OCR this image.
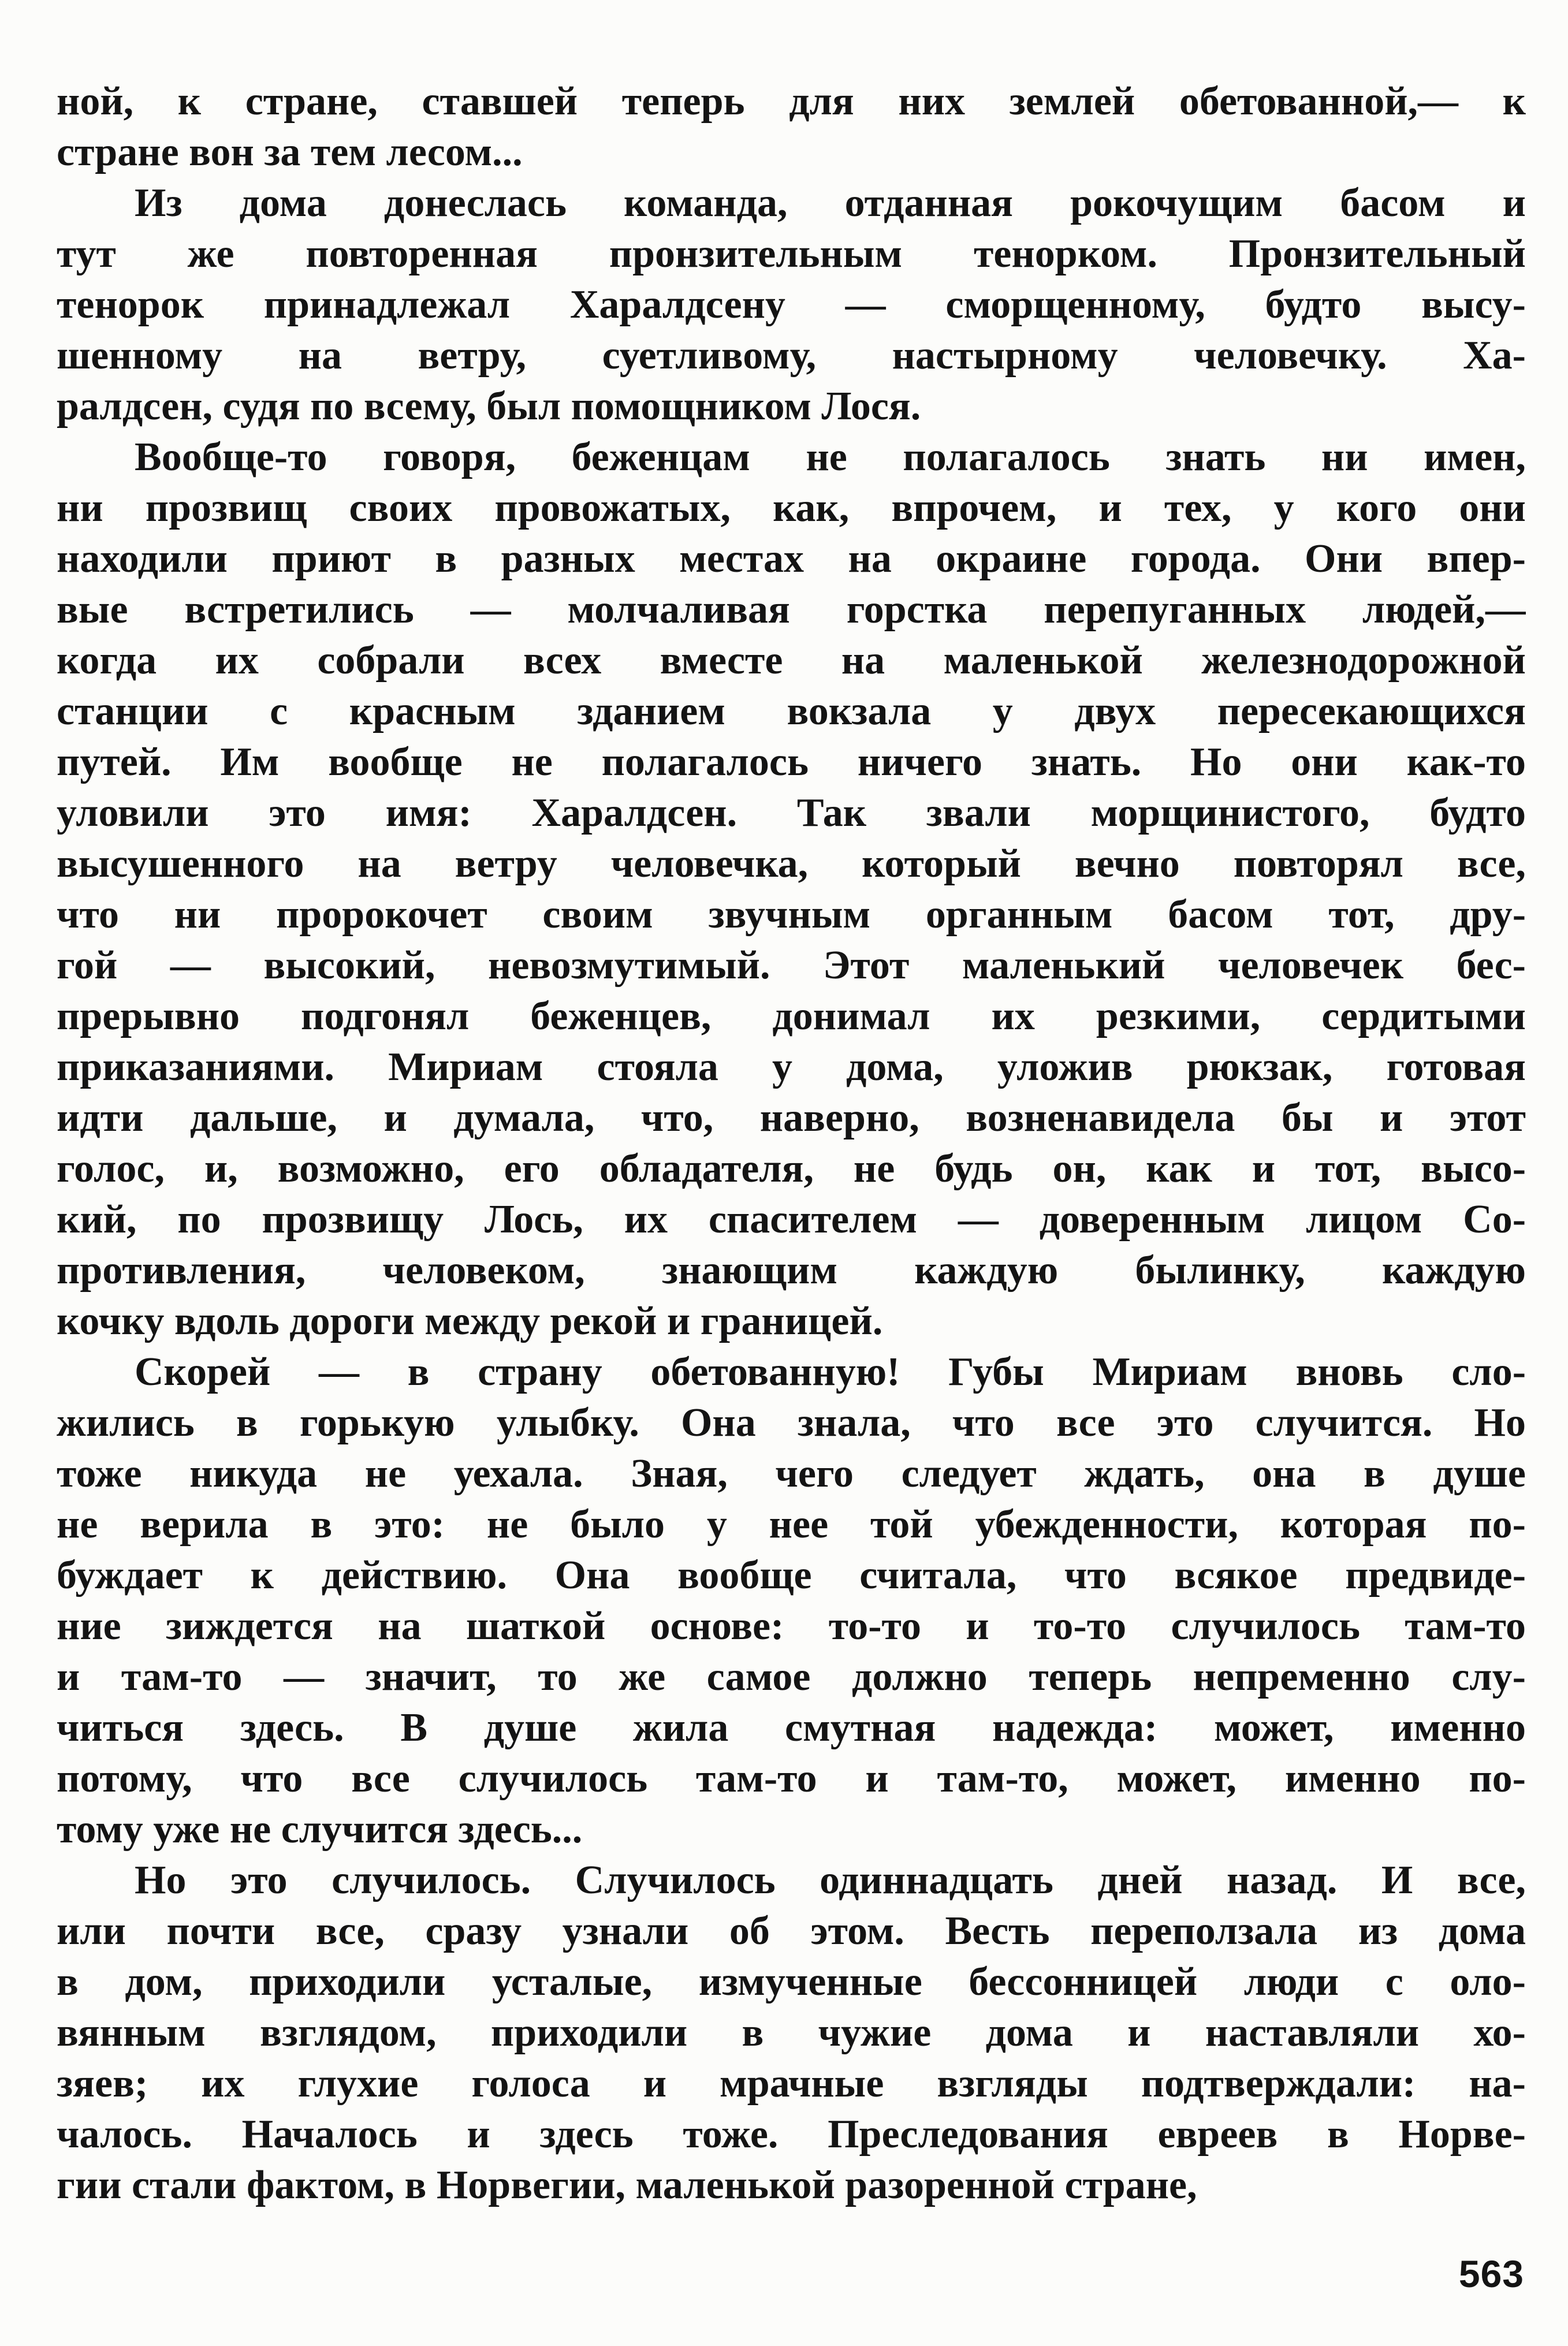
ной, к стране, ставшей теперь для них землей обетованной,— к
стране вон за тем лесом...
Из дома донеслась команда, отданная рокочущим басом и
тут же повторенная пронзительным тенорком. Пронзительный
тенорок принадлежал Харалдсену — сморщенному, будто высу-
шенному на ветру, суетливому, настырному человечку. Ха-
ралдсен, судя по всему, был помощником Лося.
Вообще-то говоря, беженцам не полагалось знать ни имен,
ни прозвищ своих провожатых, как, впрочем, и тех, у кого они
находили приют в разных местах на окраине города. Они впер-
вые встретились — молчаливая горстка перепуганных людей,—
когда их собрали всех вместе на маленькой железнодорожной
станции с красным зданием вокзала у двух пересекающихся
путей. Им вообще не полагалось ничего знать. Но они как-то
уловили это имя: Харалдсен. Так звали морщинистого, будто
высушенного на ветру человечка, который вечно повторял все,
что ни пророкочет своим звучным органным басом тот, дру-
гой — высокий, невозмутимый. Этот маленький человечек бес-
прерывно подгонял беженцев, донимал их резкими, сердитыми
приказаниями. Мириам стояла у дома, уложив рюкзак, готовая
идти дальше, и думала, что, наверно, возненавидела бы и этот
голос, и, возможно, его обладателя, не будь он, как и тот, высо-
кий, по прозвищу Лось, их спасителем — доверенным лицом Со-
противления, человеком, знающим каждую былинку, каждую
кочку вдоль дороги между рекой и границей.
Скорей — в страну обетованную! Губы Мириам вновь сло-
жились в горькую улыбку. Она знала, что все это случится. Но
тоже никуда не уехала. Зная, чего следует ждать, она в душе
не верила в это: не было у нее той убежденности, которая по-
буждает к действию. Она вообще считала, что всякое предвиде-
ние зиждется на шаткой основе: то-то и то-то случилось там-то
и там-то — значит, то же самое должно теперь непременно слу-
читься здесь. В душе жила смутная надежда: может, именно
потому, что все случилось там-то и там-то, может, именно по-
тому уже не случится здесь...
Но это случилось. Случилось одиннадцать дней назад. И все,
или почти все, сразу узнали об этом. Весть переползала из дома
в дом, приходили усталые, измученные бессонницей люди с оло-
вянным взглядом, приходили в чужие дома и наставляли хо-
зяев; их глухие голоса и мрачные взгляды подтверждали: на-
чалось. Началось и здесь тоже. Преследования евреев в Норве-
гии стали фактом, в Норвегии, маленькой разоренной стране,
563
